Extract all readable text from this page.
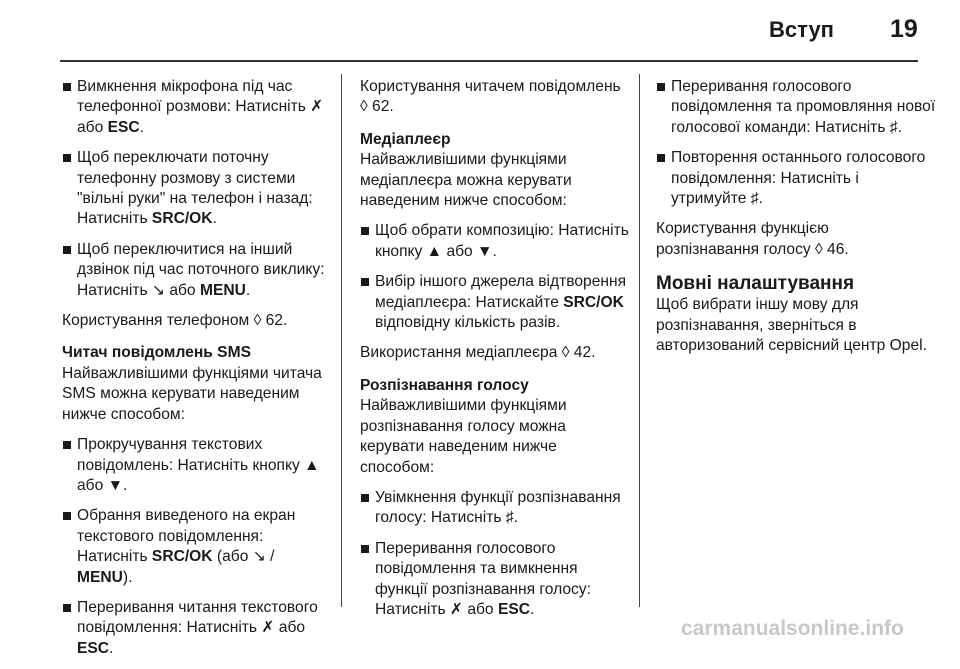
Вступ 19
Вимкнення мікрофона під час телефонної розмови: Натисніть ✗ або ESC.
Щоб переключати поточну телефонну розмову з системи "вільні руки" на телефон і назад: Натисніть SRC/OK.
Щоб переключитися на інший дзвінок під час поточного виклику: Натисніть ↘ або MENU.

Користування телефоном ◊ 62.

Читач повідомлень SMS

Найважливішими функціями читача SMS можна керувати наведеним нижче способом:

Прокручування текстових повідомлень: Натисніть кнопку ▲ або ▼.
Обрання виведеного на екран текстового повідомлення: Натисніть SRC/OK (або ↘ / MENU).
Переривання читання текстового повідомлення: Натисніть ✗ або ESC.

Користування читачем повідомлень ◊ 62.

Медіаплеєр

Найважливішими функціями медіаплеєра можна керувати наведеним нижче способом:

Щоб обрати композицію: Натисніть кнопку ▲ або ▼.
Вибір іншого джерела відтворення медіаплеєра: Натискайте SRC/OK відповідну кількість разів.

Використання медіаплеєра ◊ 42.

Розпізнавання голосу

Найважливішими функціями розпізнавання голосу можна керувати наведеним нижче способом:

Увімкнення функції розпізнавання голосу: Натисніть ♯.
Переривання голосового повідомлення та вимкнення функції розпізнавання голосу: Натисніть ✗ або ESC.
Переривання голосового повідомлення та промовляння нової голосової команди: Натисніть ♯.
Повторення останнього голосового повідомлення: Натисніть і утримуйте ♯.

Користування функцією розпізнавання голосу ◊ 46.

Мовні налаштування

Щоб вибрати іншу мову для розпізнавання, зверніться в авторизований сервісний центр Opel.

carmanualsonline.info
